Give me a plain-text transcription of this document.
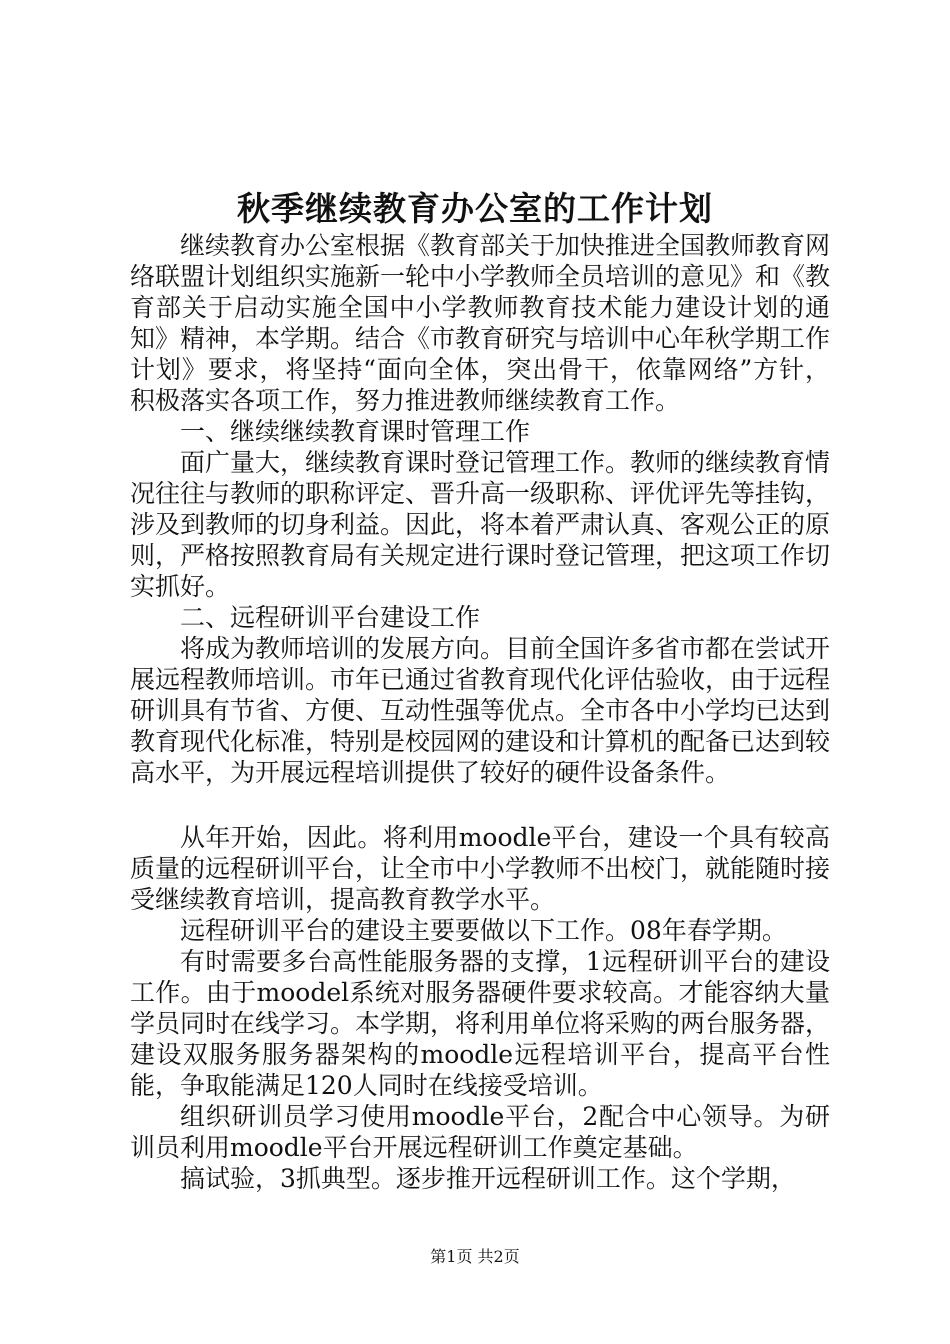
秋季继续教育办公室的工作计划

继续教育办公室根据《教育部关于加快推进全国教师教育网络联盟计划组织实施新一轮中小学教师全员培训的意见》和《教育部关于启动实施全国中小学教师教育技术能力建设计划的通知》精神，本学期。结合《市教育研究与培训中心年秋学期工作计划》要求，将坚持“面向全体，突出骨干，依靠网络”方针，积极落实各项工作，努力推进教师继续教育工作。

一、继续继续教育课时管理工作

面广量大，继续教育课时登记管理工作。教师的继续教育情况往往与教师的职称评定、晋升高一级职称、评优评先等挂钩，涉及到教师的切身利益。因此，将本着严肃认真、客观公正的原则，严格按照教育局有关规定进行课时登记管理，把这项工作切实抓好。

二、远程研训平台建设工作

将成为教师培训的发展方向。目前全国许多省市都在尝试开展远程教师培训。市年已通过省教育现代化评估验收，由于远程研训具有节省、方便、互动性强等优点。全市各中小学均已达到教育现代化标准，特别是校园网的建设和计算机的配备已达到较高水平，为开展远程培训提供了较好的硬件设备条件。

从年开始，因此。将利用moodle平台，建设一个具有较高质量的远程研训平台，让全市中小学教师不出校门，就能随时接受继续教育培训，提高教育教学水平。

远程研训平台的建设主要要做以下工作。08年春学期。

有时需要多台高性能服务器的支撑，1远程研训平台的建设工作。由于moodel系统对服务器硬件要求较高。才能容纳大量学员同时在线学习。本学期，将利用单位将采购的两台服务器，建设双服务服务器架构的moodle远程培训平台，提高平台性能，争取能满足120人同时在线接受培训。

组织研训员学习使用moodle平台，2配合中心领导。为研训员利用moodle平台开展远程研训工作奠定基础。

搞试验，3抓典型。逐步推开远程研训工作。这个学期，

第1页 共2页
